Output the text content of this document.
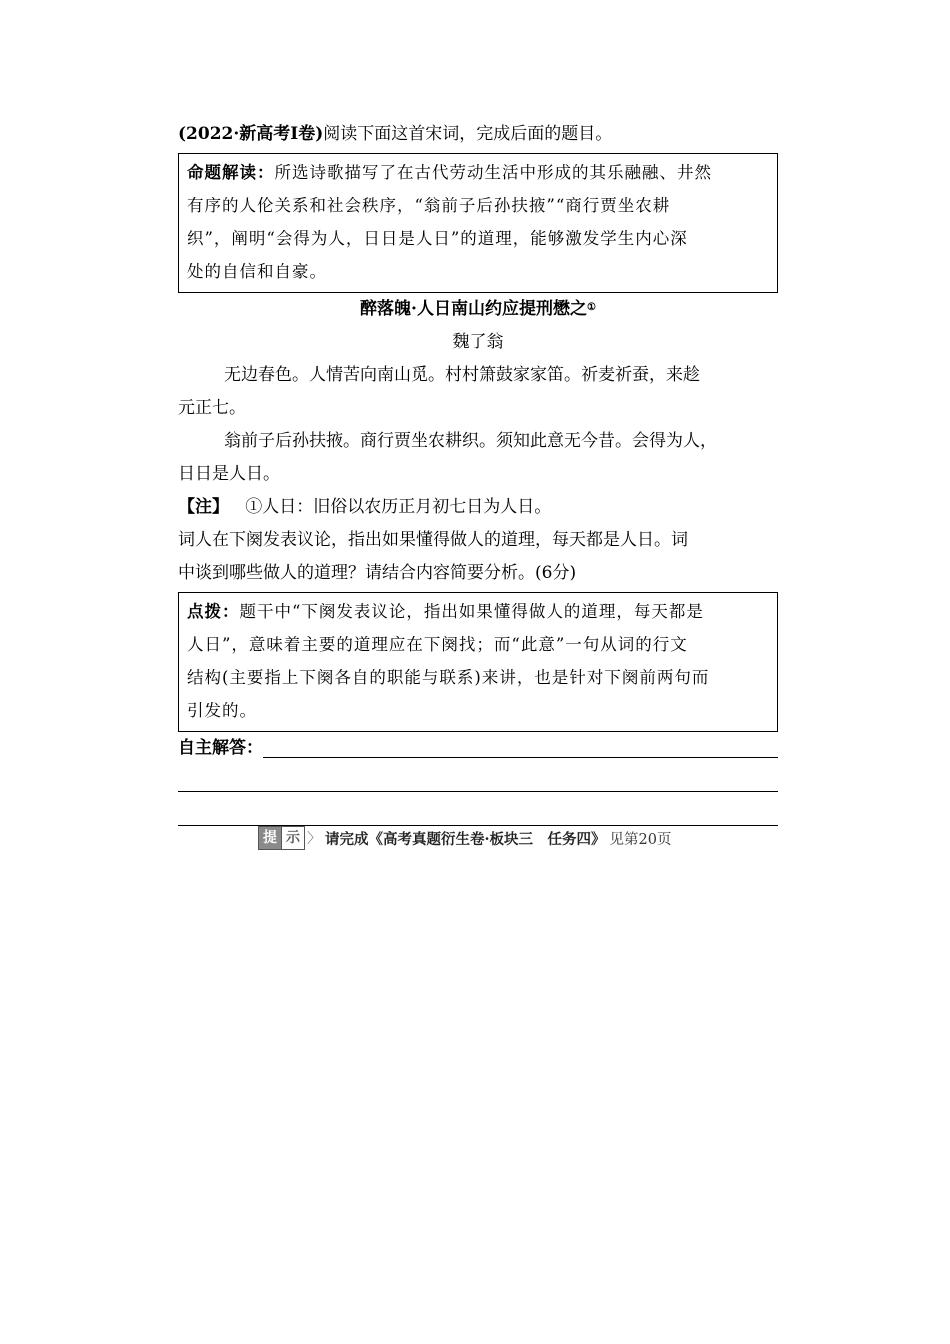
(2022·新高考Ⅰ卷)阅读下面这首宋词，完成后面的题目。
命题解读：所选诗歌描写了在古代劳动生活中形成的其乐融融、井然
有序的人伦关系和社会秩序，“翁前子后孙扶掖”“商行贾坐农耕
织”，阐明“会得为人，日日是人日”的道理，能够激发学生内心深
处的自信和自豪。
醉落魄·人日南山约应提刑懋之①
魏了翁
无边春色。人情苦向南山觅。村村箫鼓家家笛。祈麦祈蚕，来趁
元正七。
翁前子后孙扶掖。商行贾坐农耕织。须知此意无今昔。会得为人，
日日是人日。
【注】 ①人日：旧俗以农历正月初七日为人日。
词人在下阕发表议论，指出如果懂得做人的道理，每天都是人日。词
中谈到哪些做人的道理？请结合内容简要分析。(6分)
点拨：题干中“下阕发表议论，指出如果懂得做人的道理，每天都是
人日”，意味着主要的道理应在下阕找；而“此意”一句从词的行文
结构(主要指上下阕各自的职能与联系)来讲，也是针对下阕前两句而
引发的。
自主解答：
提 示 〉 请完成《高考真题衍生卷·板块三　任务四》 见第20页
